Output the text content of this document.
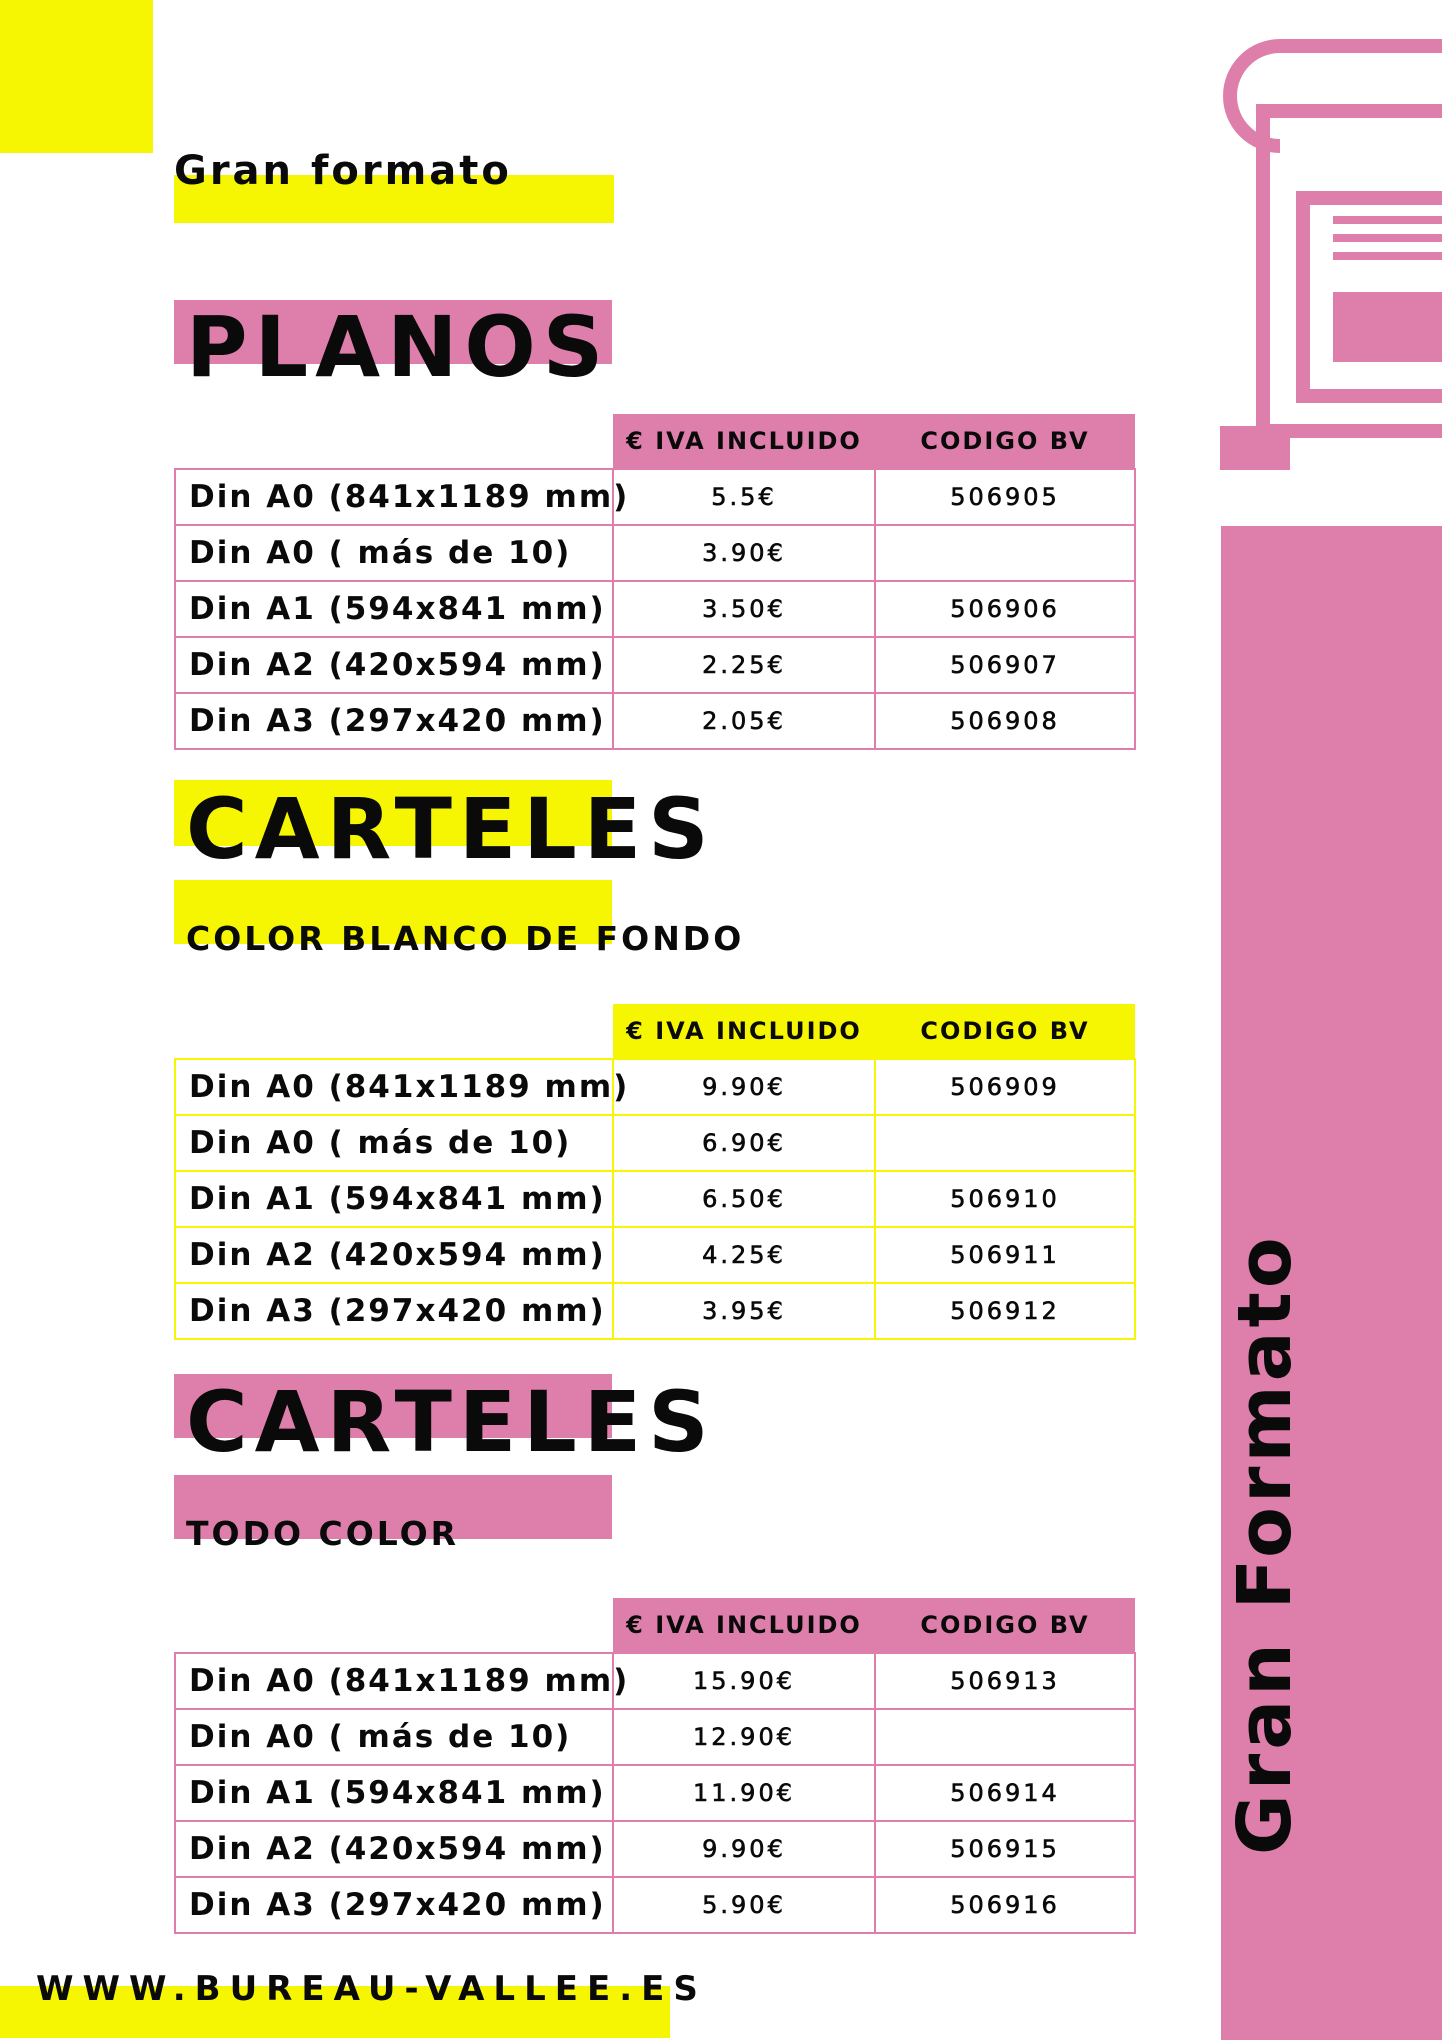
Gran formato
PLANOS
	€ IVA INCLUIDO	CODIGO BV
Din A0 (841x1189 mm)	5.5€	506905
Din A0 ( más de 10)	3.90€	
Din A1 (594x841 mm)	3.50€	506906
Din A2 (420x594 mm)	2.25€	506907
Din A3 (297x420 mm)	2.05€	506908
CARTELES
COLOR BLANCO DE FONDO
	€ IVA INCLUIDO	CODIGO BV
Din A0 (841x1189 mm)	9.90€	506909
Din A0 ( más de 10)	6.90€	
Din A1 (594x841 mm)	6.50€	506910
Din A2 (420x594 mm)	4.25€	506911
Din A3 (297x420 mm)	3.95€	506912
CARTELES
TODO COLOR
	€ IVA INCLUIDO	CODIGO BV
Din A0 (841x1189 mm)	15.90€	506913
Din A0 ( más de 10)	12.90€	
Din A1 (594x841 mm)	11.90€	506914
Din A2 (420x594 mm)	9.90€	506915
Din A3 (297x420 mm)	5.90€	506916
Gran Formato
WWW.BUREAU-VALLEE.ES
